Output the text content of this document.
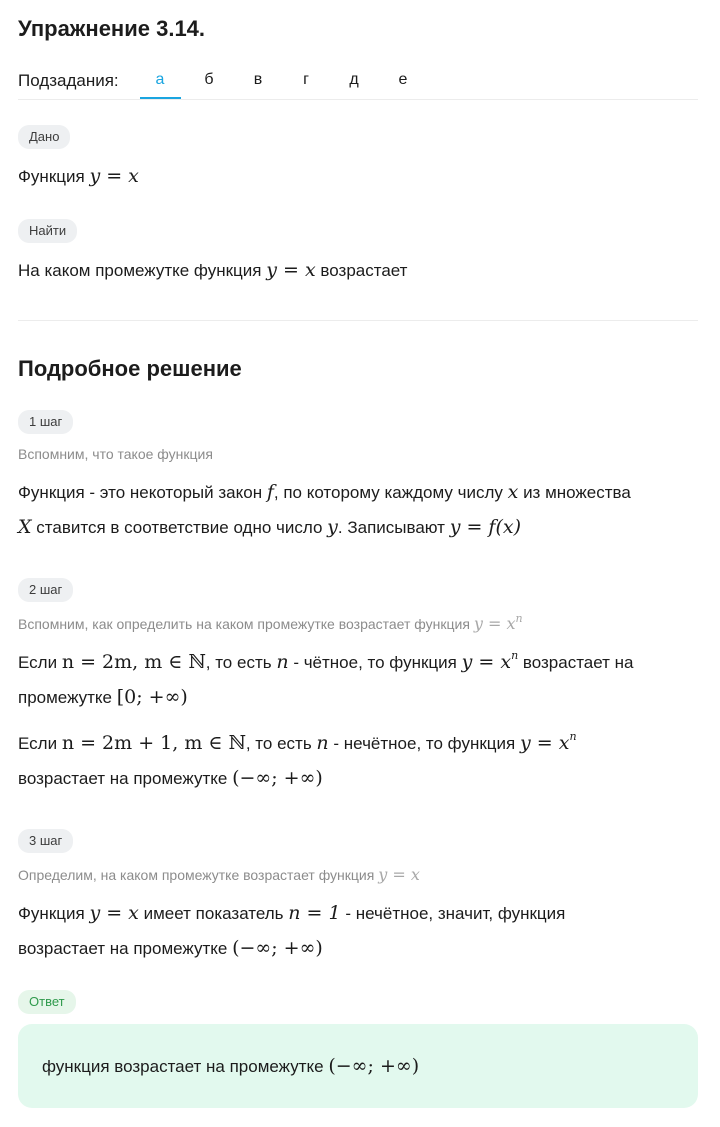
Упражнение 3.14.
Подзадания:	а	б	в	г	д	е
Дано
Функция y = x
Найти
На каком промежутке функция y = x возрастает
Подробное решение
1 шаг
Вспомним, что такое функция
Функция - это некоторый закон f, по которому каждому числу x из множества
X ставится в соответствие одно число y. Записывают y = f(x)
2 шаг
Вспомним, как определить на каком промежутке возрастает функция $y = x^n$
Если n = 2m, m ∈ ℕ, то есть n - чётное, то функция $y = x^n$ возрастает на
промежутке [0; +∞)
Если n = 2m + 1, m ∈ ℕ, то есть n - нечётное, то функция $y = x^n$
возрастает на промежутке (−∞; +∞)
3 шаг
Определим, на каком промежутке возрастает функция y = x
Функция y = x имеет показатель n = 1 - нечётное, значит, функция
возрастает на промежутке (−∞; +∞)
Ответ
функция возрастает на промежутке (−∞; +∞)
